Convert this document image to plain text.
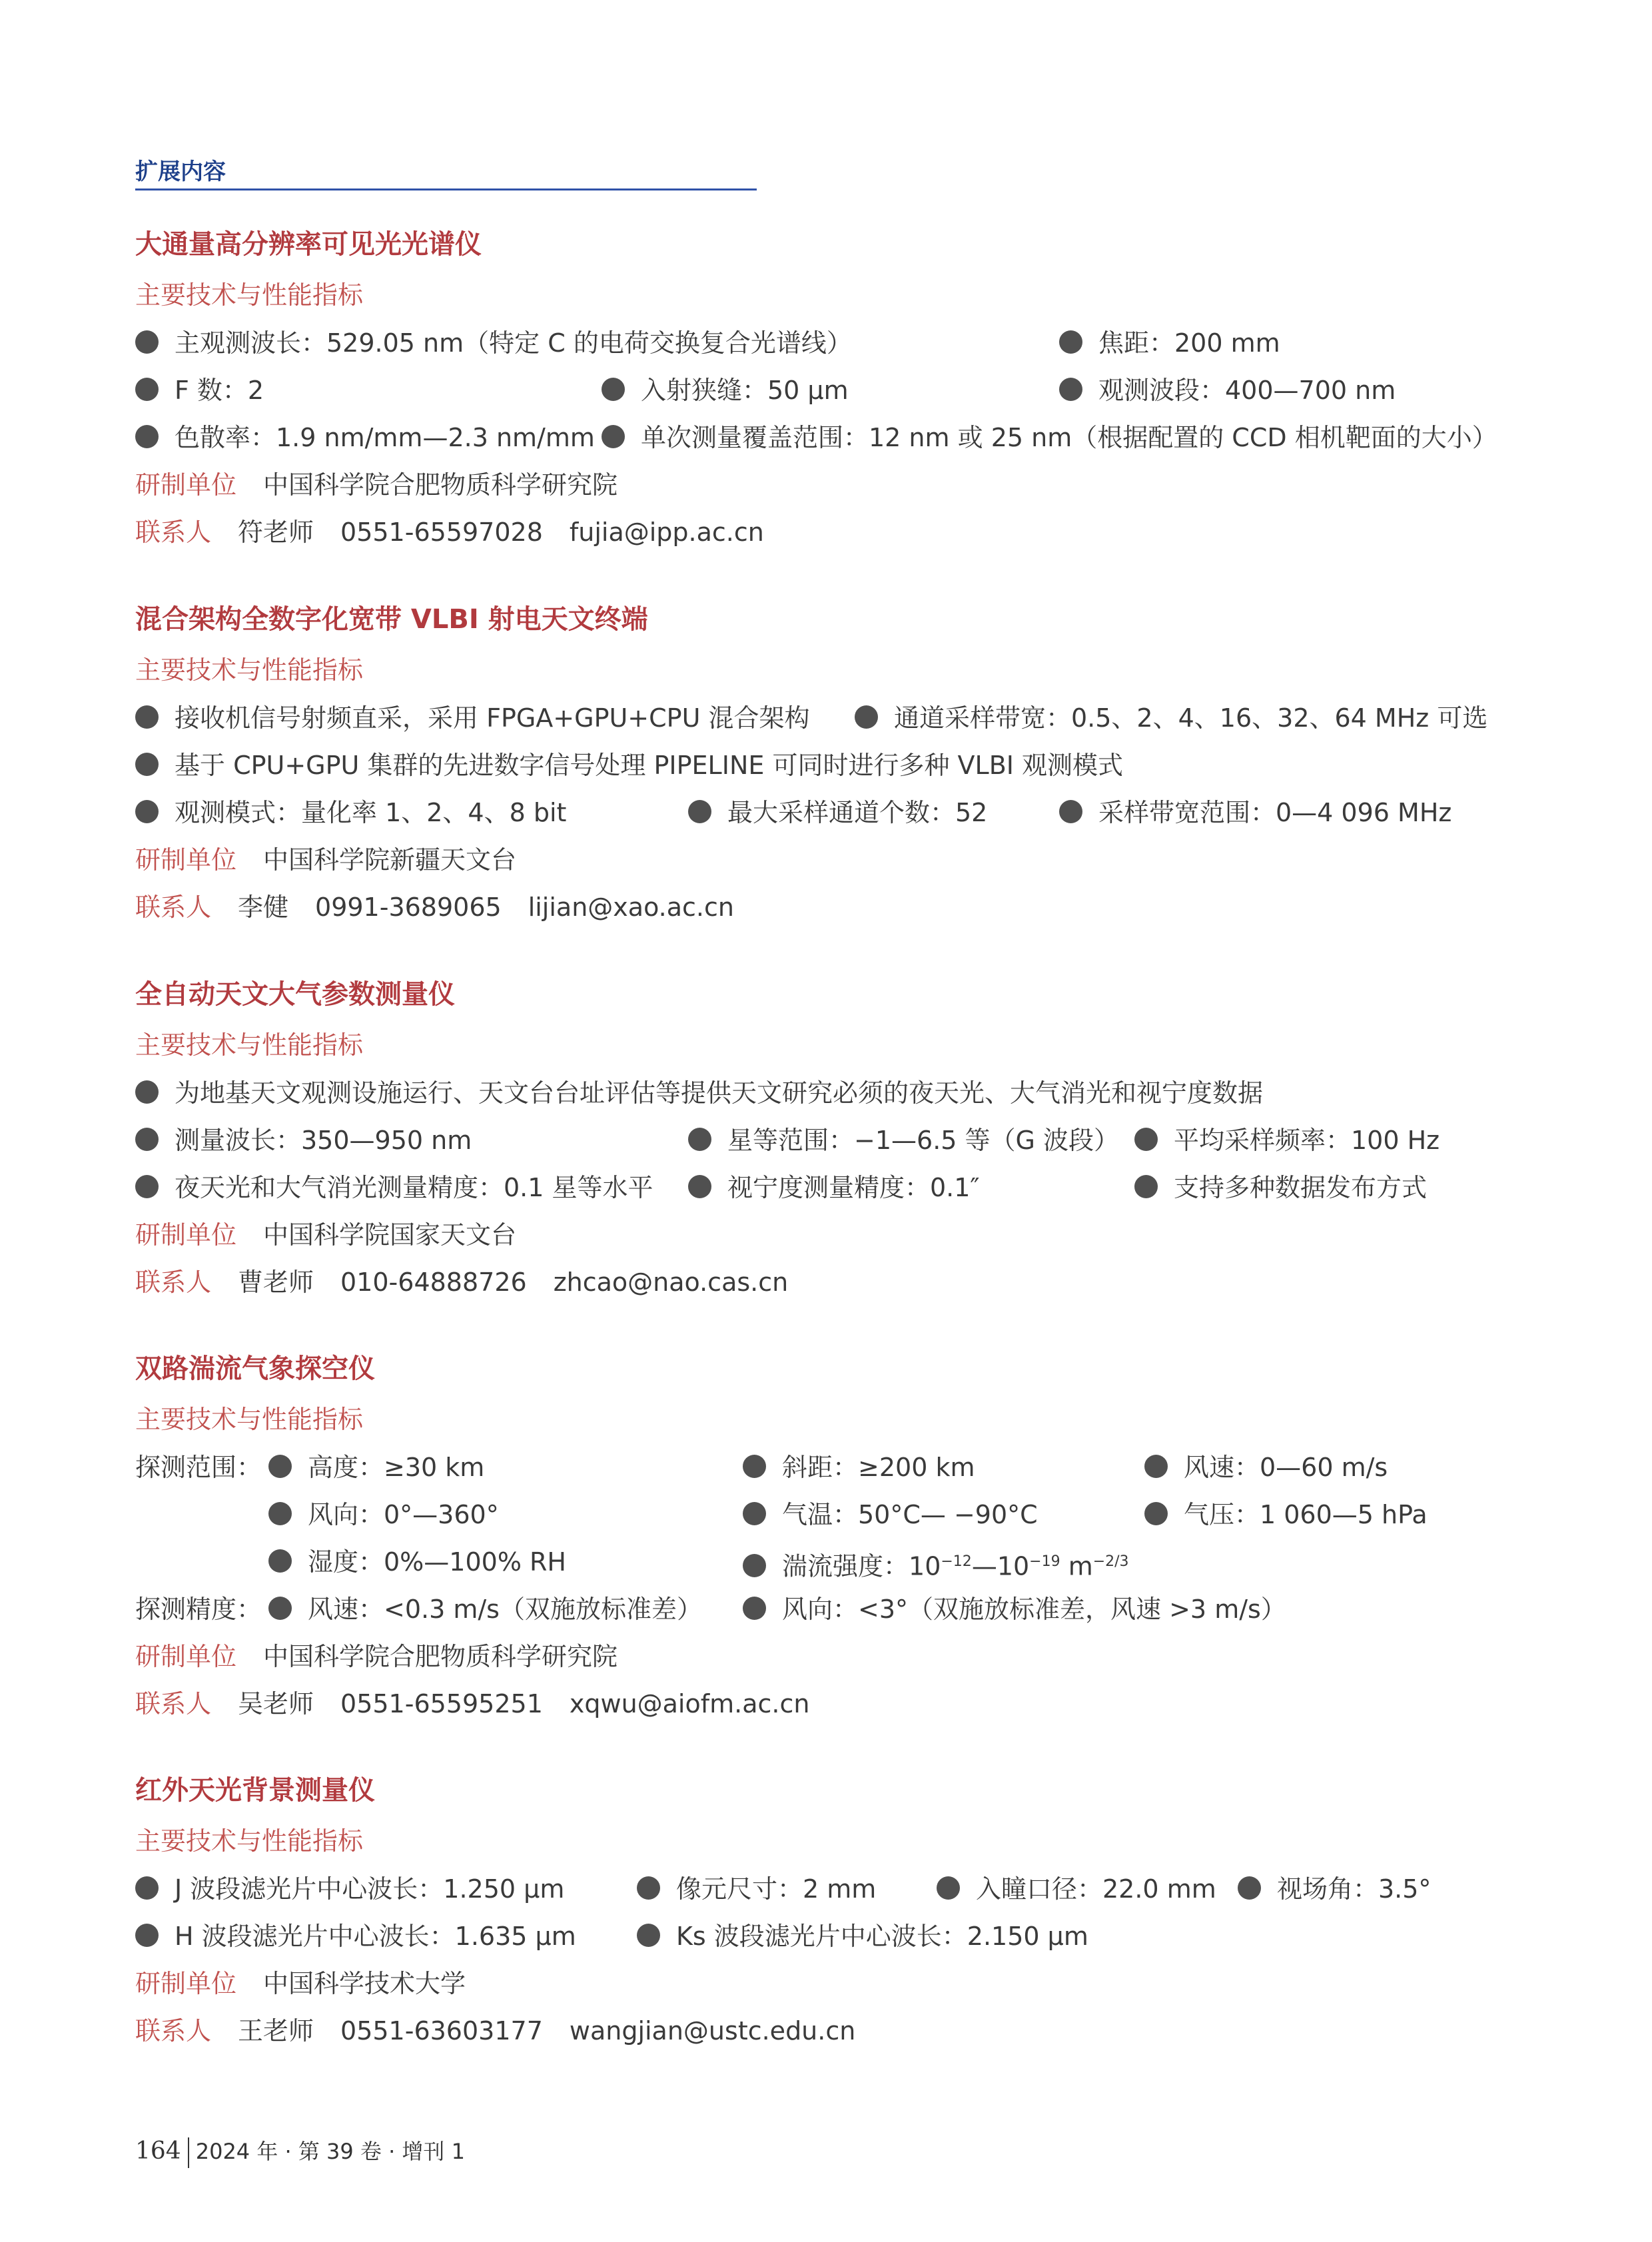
扩展内容
大通量高分辨率可见光光谱仪
主要技术与性能指标
主观测波长：529.05 nm（特定 C 的电荷交换复合光谱线）	焦距：200 mm
F 数：2	入射狭缝：50 µm	观测波段：400—700 nm
色散率：1.9 nm/mm—2.3 nm/mm	单次测量覆盖范围：12 nm 或 25 nm（根据配置的 CCD 相机靶面的大小）
研制单位 中国科学院合肥物质科学研究院
联系人 符老师 0551-65597028 fujia@ipp.ac.cn
混合架构全数字化宽带 VLBI 射电天文终端
主要技术与性能指标
接收机信号射频直采，采用 FPGA+GPU+CPU 混合架构	通道采样带宽：0.5、2、4、16、32、64 MHz 可选
基于 CPU+GPU 集群的先进数字信号处理 PIPELINE 可同时进行多种 VLBI 观测模式
观测模式：量化率 1、2、4、8 bit	最大采样通道个数：52	采样带宽范围：0—4 096 MHz
研制单位 中国科学院新疆天文台
联系人 李健 0991-3689065 lijian@xao.ac.cn
全自动天文大气参数测量仪
主要技术与性能指标
为地基天文观测设施运行、天文台台址评估等提供天文研究必须的夜天光、大气消光和视宁度数据
测量波长：350—950 nm	星等范围：−1—6.5 等（G 波段）	平均采样频率：100 Hz
夜天光和大气消光测量精度：0.1 星等水平	视宁度测量精度：0.1″	支持多种数据发布方式
研制单位 中国科学院国家天文台
联系人 曹老师 010-64888726 zhcao@nao.cas.cn
双路湍流气象探空仪
主要技术与性能指标
探测范围：	高度：≥30 km	斜距：≥200 km	风速：0—60 m/s
风向：0°—360°	气温：50°C— −90°C	气压：1 060—5 hPa
湿度：0%—100% RH	湍流强度：$10^{-12}—10^{-19}$ $m^{-2/3}$
探测精度：	风速：<0.3 m/s（双施放标准差）	风向：<3°（双施放标准差，风速 >3 m/s）
研制单位 中国科学院合肥物质科学研究院
联系人 吴老师 0551-65595251 xqwu@aiofm.ac.cn
红外天光背景测量仪
主要技术与性能指标
J 波段滤光片中心波长：1.250 µm	像元尺寸：2 mm	入瞳口径：22.0 mm	视场角：3.5°
H 波段滤光片中心波长：1.635 µm	Ks 波段滤光片中心波长：2.150 µm
研制单位 中国科学技术大学
联系人 王老师 0551-63603177 wangjian@ustc.edu.cn
164 2024 年 · 第 39 卷 · 增刊 1
